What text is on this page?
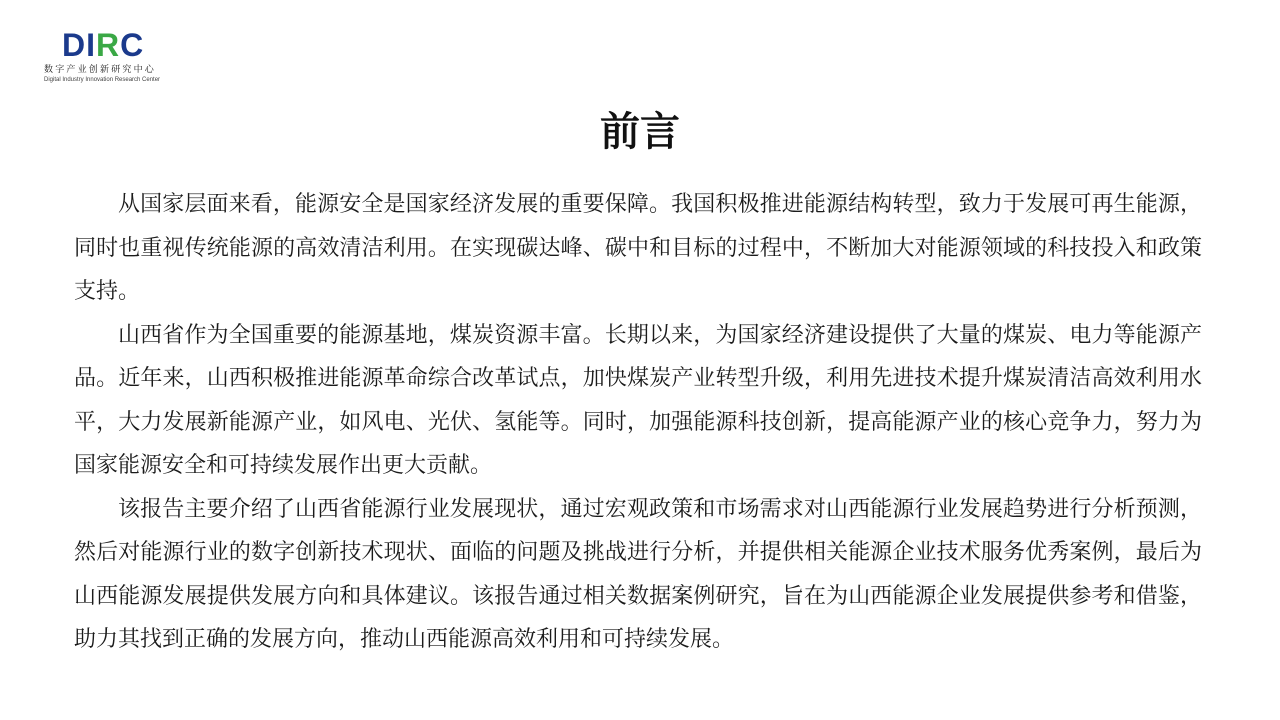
DIRC
数字产业创新研究中心
Digital Industry Innovation Research Center
前言

从国家层面来看，能源安全是国家经济发展的重要保障。我国积极推进能源结构转型，致力于发展可再生能源，同时也重视传统能源的高效清洁利用。在实现碳达峰、碳中和目标的过程中，不断加大对能源领域的科技投入和政策支持。

山西省作为全国重要的能源基地，煤炭资源丰富。长期以来，为国家经济建设提供了大量的煤炭、电力等能源产品。近年来，山西积极推进能源革命综合改革试点，加快煤炭产业转型升级，利用先进技术提升煤炭清洁高效利用水平，大力发展新能源产业，如风电、光伏、氢能等。同时，加强能源科技创新，提高能源产业的核心竞争力，努力为国家能源安全和可持续发展作出更大贡献。

该报告主要介绍了山西省能源行业发展现状，通过宏观政策和市场需求对山西能源行业发展趋势进行分析预测，然后对能源行业的数字创新技术现状、面临的问题及挑战进行分析，并提供相关能源企业技术服务优秀案例，最后为山西能源发展提供发展方向和具体建议。该报告通过相关数据案例研究，旨在为山西能源企业发展提供参考和借鉴，助力其找到正确的发展方向，推动山西能源高效利用和可持续发展。
